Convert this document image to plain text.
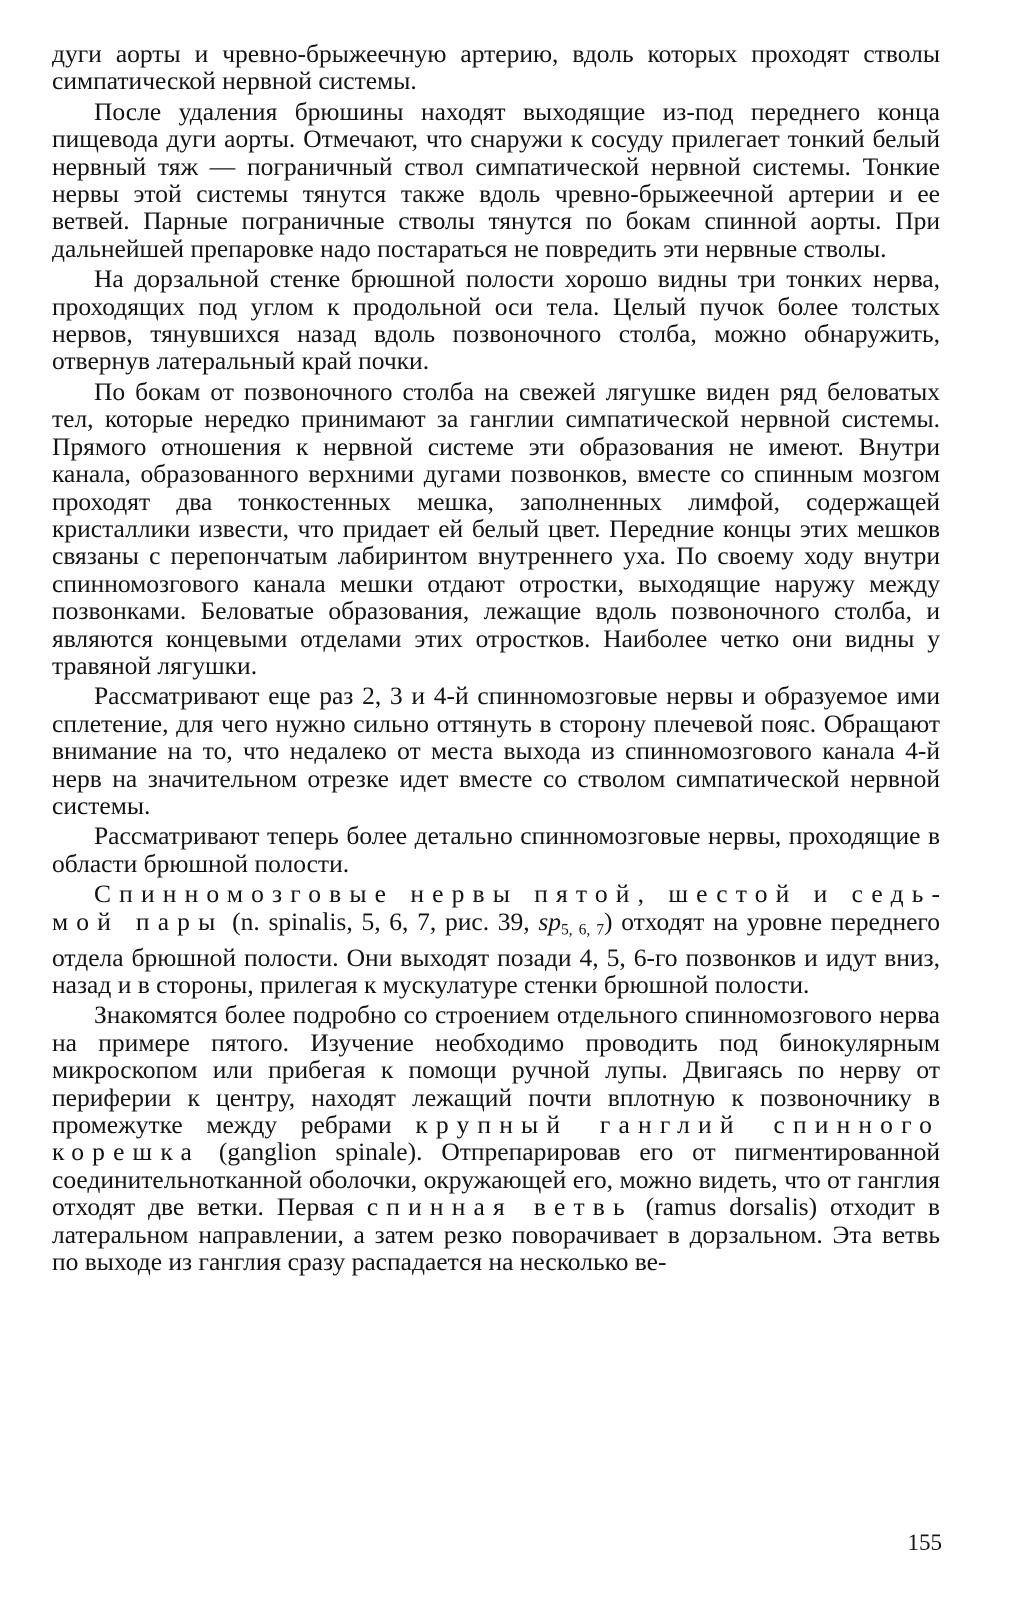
дуги аорты и чревно-брыжеечную артерию, вдоль которых проходят стволы симпатической нервной системы.

После удаления брюшины находят выходящие из-под переднего конца пищевода дуги аорты. Отмечают, что снаружи к сосуду прилегает тонкий белый нервный тяж — пограничный ствол симпатической нервной системы. Тонкие нервы этой системы тянутся также вдоль чревно-брыжеечной артерии и ее ветвей. Парные пограничные стволы тянутся по бокам спинной аорты. При дальнейшей препаровке надо постараться не повредить эти нервные стволы.

На дорзальной стенке брюшной полости хорошо видны три тонких нерва, проходящих под углом к продольной оси тела. Целый пучок более толстых нервов, тянувшихся назад вдоль позвоночного столба, можно обнаружить, отвернув латеральный край почки.

По бокам от позвоночного столба на свежей лягушке виден ряд беловатых тел, которые нередко принимают за ганглии симпатической нервной системы. Прямого отношения к нервной системе эти образования не имеют. Внутри канала, образованного верхними дугами позвонков, вместе со спинным мозгом проходят два тонкостенных мешка, заполненных лимфой, содержащей кристаллики извести, что придает ей белый цвет. Передние концы этих мешков связаны с перепончатым лабиринтом внутреннего уха. По своему ходу внутри спинномозгового канала мешки отдают отростки, выходящие наружу между позвонками. Беловатые образования, лежащие вдоль позвоночного столба, и являются концевыми отделами этих отростков. Наиболее четко они видны у травяной лягушки.

Рассматривают еще раз 2, 3 и 4-й спинномозговые нервы и образуемое ими сплетение, для чего нужно сильно оттянуть в сторону плечевой пояс. Обращают внимание на то, что недалеко от места выхода из спинномозгового канала 4-й нерв на значительном отрезке идет вместе со стволом симпатической нервной системы.

Рассматривают теперь более детально спинномозговые нервы, проходящие в области брюшной полости.

Спинномозговые нервы пятой, шестой и седьмой пары (n. spinalis, 5, 6, 7, рис. 39, $sp_{5, 6, 7}$) отходят на уровне переднего отдела брюшной полости. Они выходят позади 4, 5, 6-го позвонков и идут вниз, назад и в стороны, прилегая к мускулатуре стенки брюшной полости.

Знакомятся более подробно со строением отдельного спинномозгового нерва на примере пятого. Изучение необходимо проводить под бинокулярным микроскопом или прибегая к помощи ручной лупы. Двигаясь по нерву от периферии к центру, находят лежащий почти вплотную к позвоночнику в промежутке между ребрами крупный ганглий спинного корешка (ganglion spinale). Отпрепарировав его от пигментированной соединительнотканной оболочки, окружающей его, можно видеть, что от ганглия отходят две ветки. Первая спинная ветвь (ramus dorsalis) отходит в латеральном направлении, а затем резко поворачивает в дорзальном. Эта ветвь по выходе из ганглия сразу распадается на несколько ве-

155
